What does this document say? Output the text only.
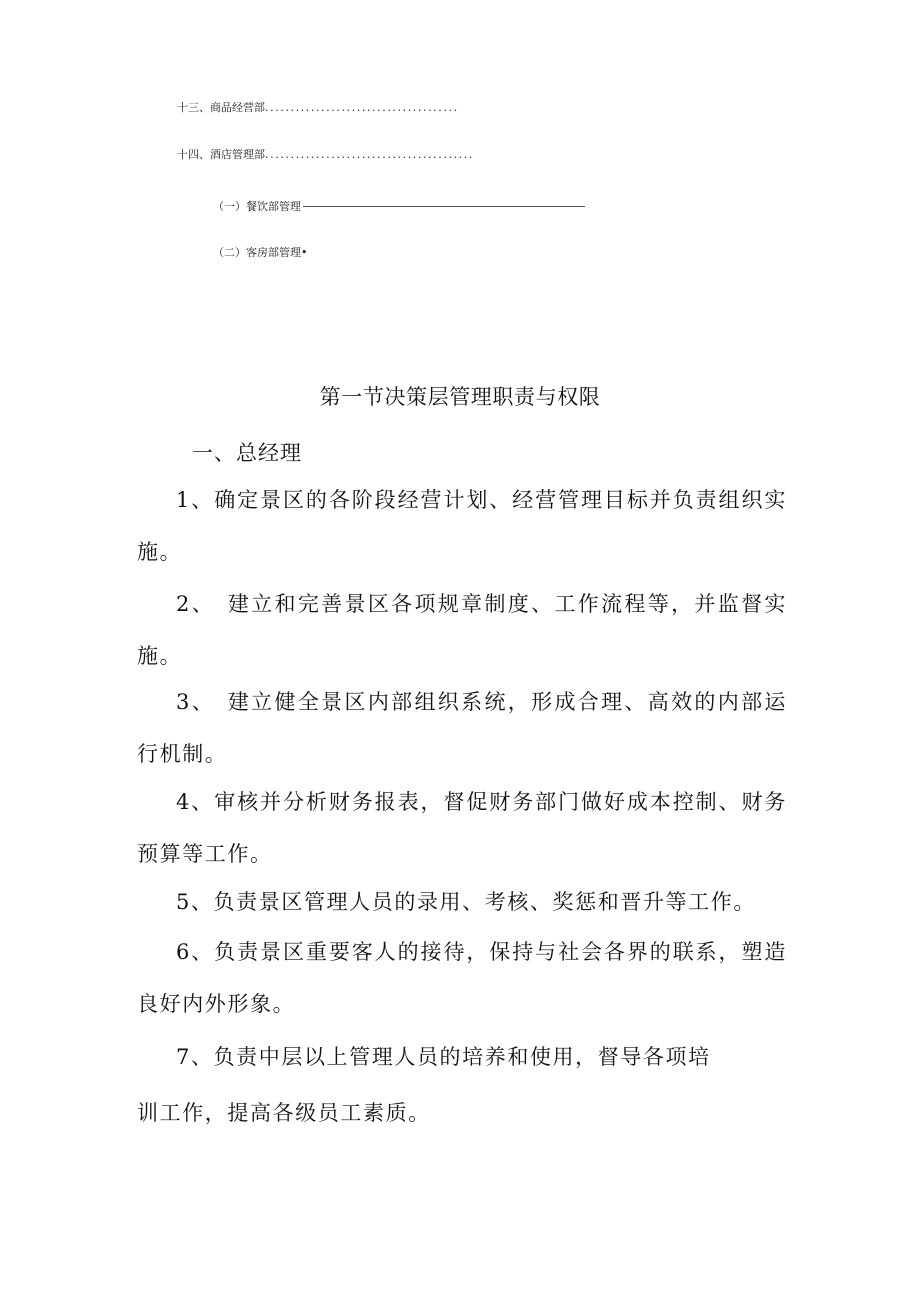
十三、商品经营部......................................
十四、酒店管理部.........................................
（一）餐饮部管理
（二）客房部管理•
第一节决策层管理职责与权限
一、总经理

1、确定景区的各阶段经营计划、经营管理目标并负责组织实施。

2、　建立和完善景区各项规章制度、工作流程等，并监督实施。

3、　建立健全景区内部组织系统，形成合理、高效的内部运行机制。

4、审核并分析财务报表，督促财务部门做好成本控制、财务预算等工作。

5、负责景区管理人员的录用、考核、奖惩和晋升等工作。

6、负责景区重要客人的接待，保持与社会各界的联系，塑造良好内外形象。

7、负责中层以上管理人员的培养和使用，督导各项培
训工作，提高各级员工素质。
